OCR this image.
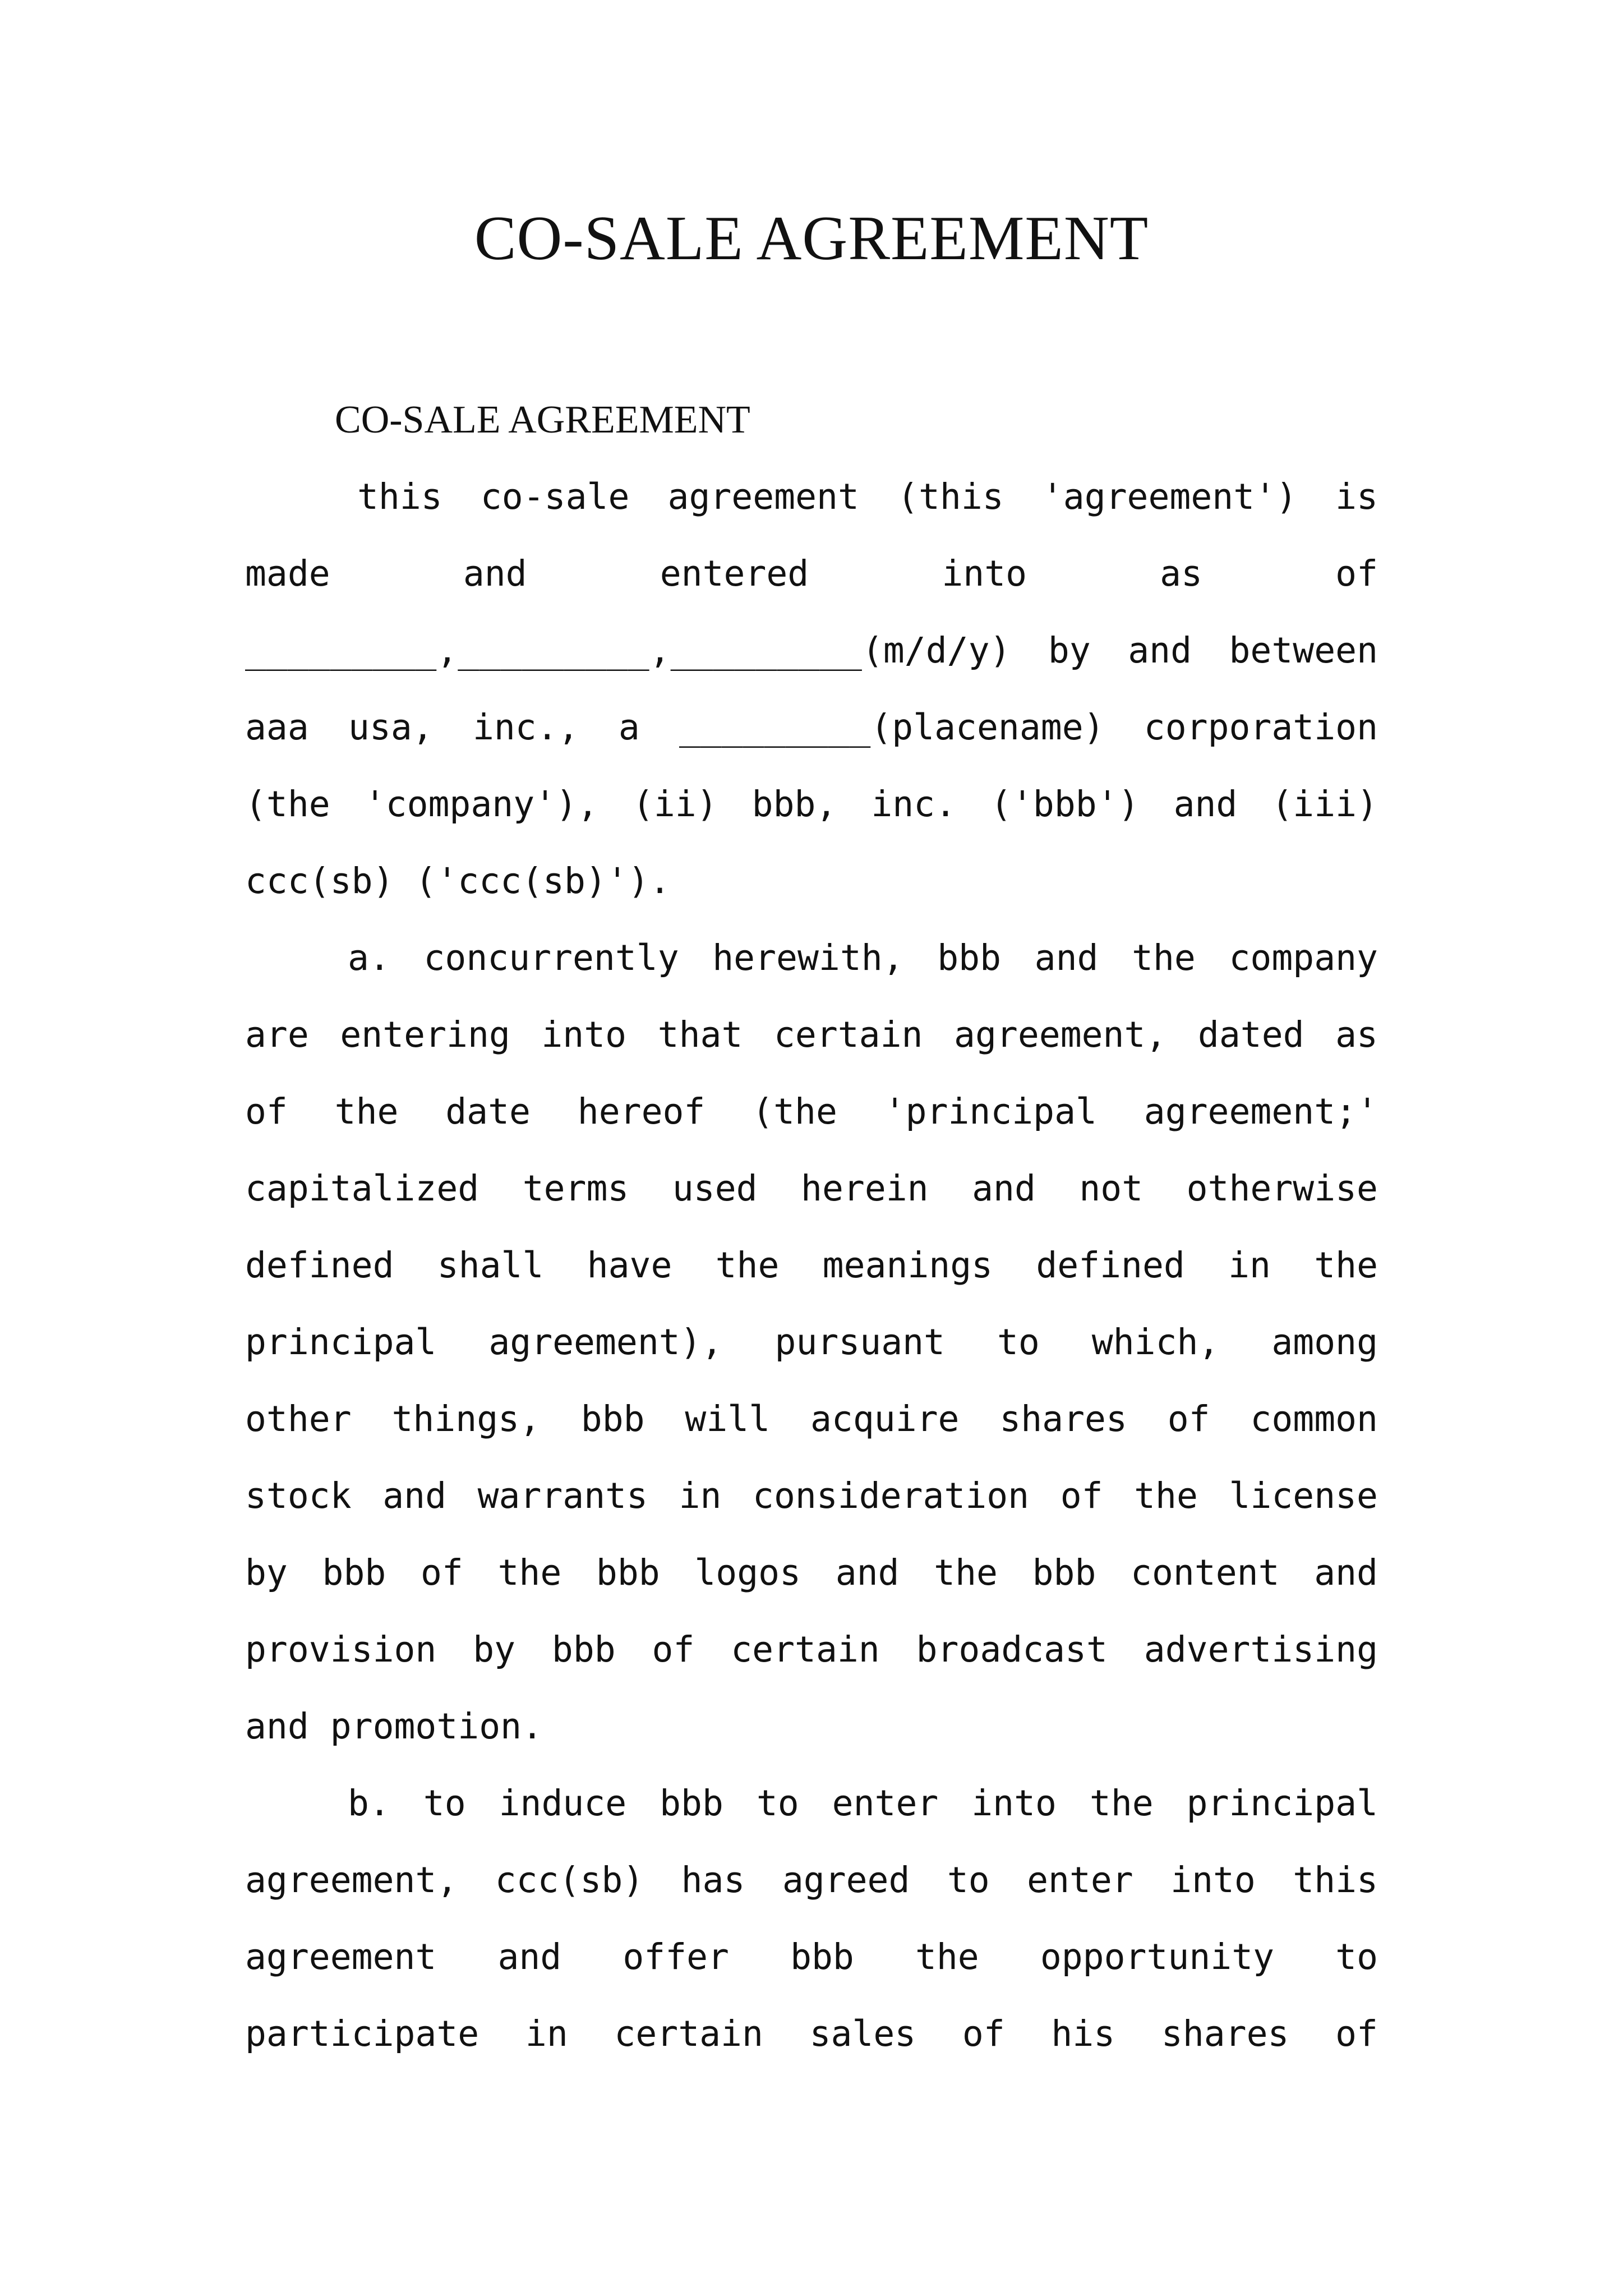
CO-SALE AGREEMENT

CO-SALE AGREEMENT

this co-sale agreement (this 'agreement') is
made and entered into as of
_________,_________,_________(m/d/y) by and between
aaa usa, inc., a _________(placename) corporation
(the 'company'), (ii) bbb, inc. ('bbb') and (iii)
ccc(sb) ('ccc(sb)').
a. concurrently herewith, bbb and the company
are entering into that certain agreement, dated as
of the date hereof (the 'principal agreement;'
capitalized terms used herein and not otherwise
defined shall have the meanings defined in the
principal agreement), pursuant to which, among
other things, bbb will acquire shares of common
stock and warrants in consideration of the license
by bbb of the bbb logos and the bbb content and
provision by bbb of certain broadcast advertising
and promotion.
b. to induce bbb to enter into the principal
agreement, ccc(sb) has agreed to enter into this
agreement and offer bbb the opportunity to
participate in certain sales of his shares of
